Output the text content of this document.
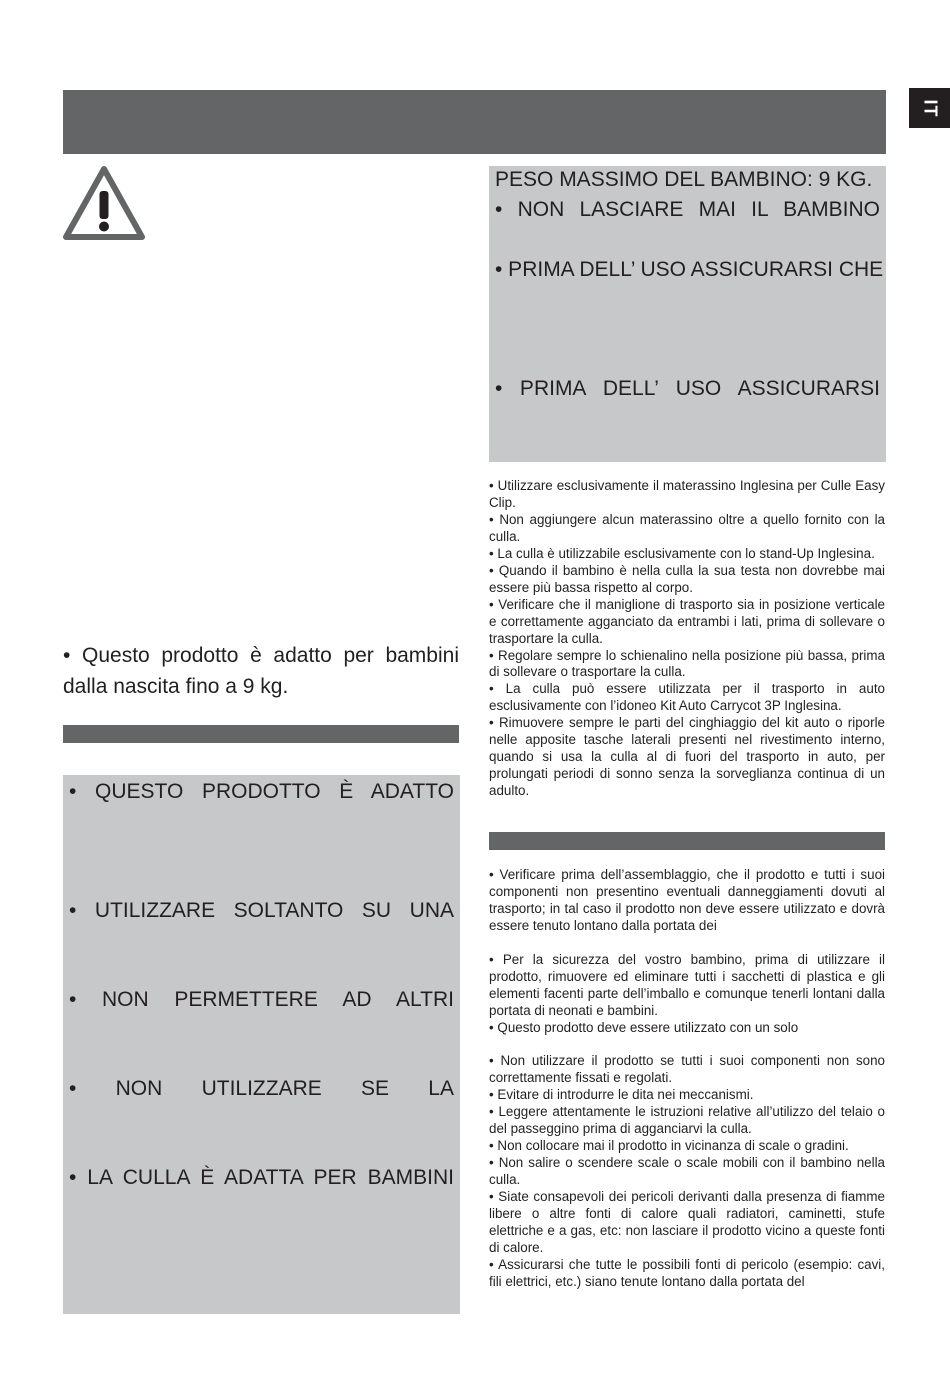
IT
PESO MASSIMO DEL BAMBINO: 9 KG.
• NON LASCIARE MAI IL BAMBINO
• PRIMA DELL’ USO ASSICURARSI CHE
• PRIMA DELL’ USO ASSICURARSI
• Questo prodotto è adatto per bambini dalla nascita fino a 9 kg.
• QUESTO PRODOTTO È ADATTO
• UTILIZZARE SOLTANTO SU UNA
• NON PERMETTERE AD ALTRI
• NON UTILIZZARE SE LA
• LA CULLA È ADATTA PER BAMBINI
• Utilizzare esclusivamente il materassino Inglesina per Culle Easy Clip.
• Non aggiungere alcun materassino oltre a quello fornito con la culla.
• La culla è utilizzabile esclusivamente con lo stand-Up Inglesina.
• Quando il bambino è nella culla la sua testa non dovrebbe mai essere più bassa rispetto al corpo.
• Verificare che il maniglione di trasporto sia in posizione verticale e correttamente agganciato da entrambi i lati, prima di sollevare o trasportare la culla.
• Regolare sempre lo schienalino nella posizione più bassa, prima di sollevare o trasportare la culla.
• La culla può essere utilizzata per il trasporto in auto esclusivamente con l’idoneo Kit Auto Carrycot 3P Inglesina.
• Rimuovere sempre le parti del cinghiaggio del kit auto o riporle nelle apposite tasche laterali presenti nel rivestimento interno, quando si usa la culla al di fuori del trasporto in auto, per prolungati periodi di sonno senza la sorveglianza continua di un adulto.
• Verificare prima dell’assemblaggio, che il prodotto e tutti i suoi componenti non presentino eventuali danneggiamenti dovuti al trasporto; in tal caso il prodotto non deve essere utilizzato e dovrà essere tenuto lontano dalla portata dei
• Per la sicurezza del vostro bambino, prima di utilizzare il prodotto, rimuovere ed eliminare tutti i sacchetti di plastica e gli elementi facenti parte dell’imballo e comunque tenerli lontani dalla portata di neonati e bambini.
• Questo prodotto deve essere utilizzato con un solo
• Non utilizzare il prodotto se tutti i suoi componenti non sono correttamente fissati e regolati.
• Evitare di introdurre le dita nei meccanismi.
• Leggere attentamente le istruzioni relative all’utilizzo del telaio o del passeggino prima di agganciarvi la culla.
• Non collocare mai il prodotto in vicinanza di scale o gradini.
• Non salire o scendere scale o scale mobili con il bambino nella culla.
• Siate consapevoli dei pericoli derivanti dalla presenza di fiamme libere o altre fonti di calore quali radiatori, caminetti, stufe elettriche e a gas, etc: non lasciare il prodotto vicino a queste fonti di calore.
• Assicurarsi che tutte le possibili fonti di pericolo (esempio: cavi, fili elettrici, etc.) siano tenute lontano dalla portata del
